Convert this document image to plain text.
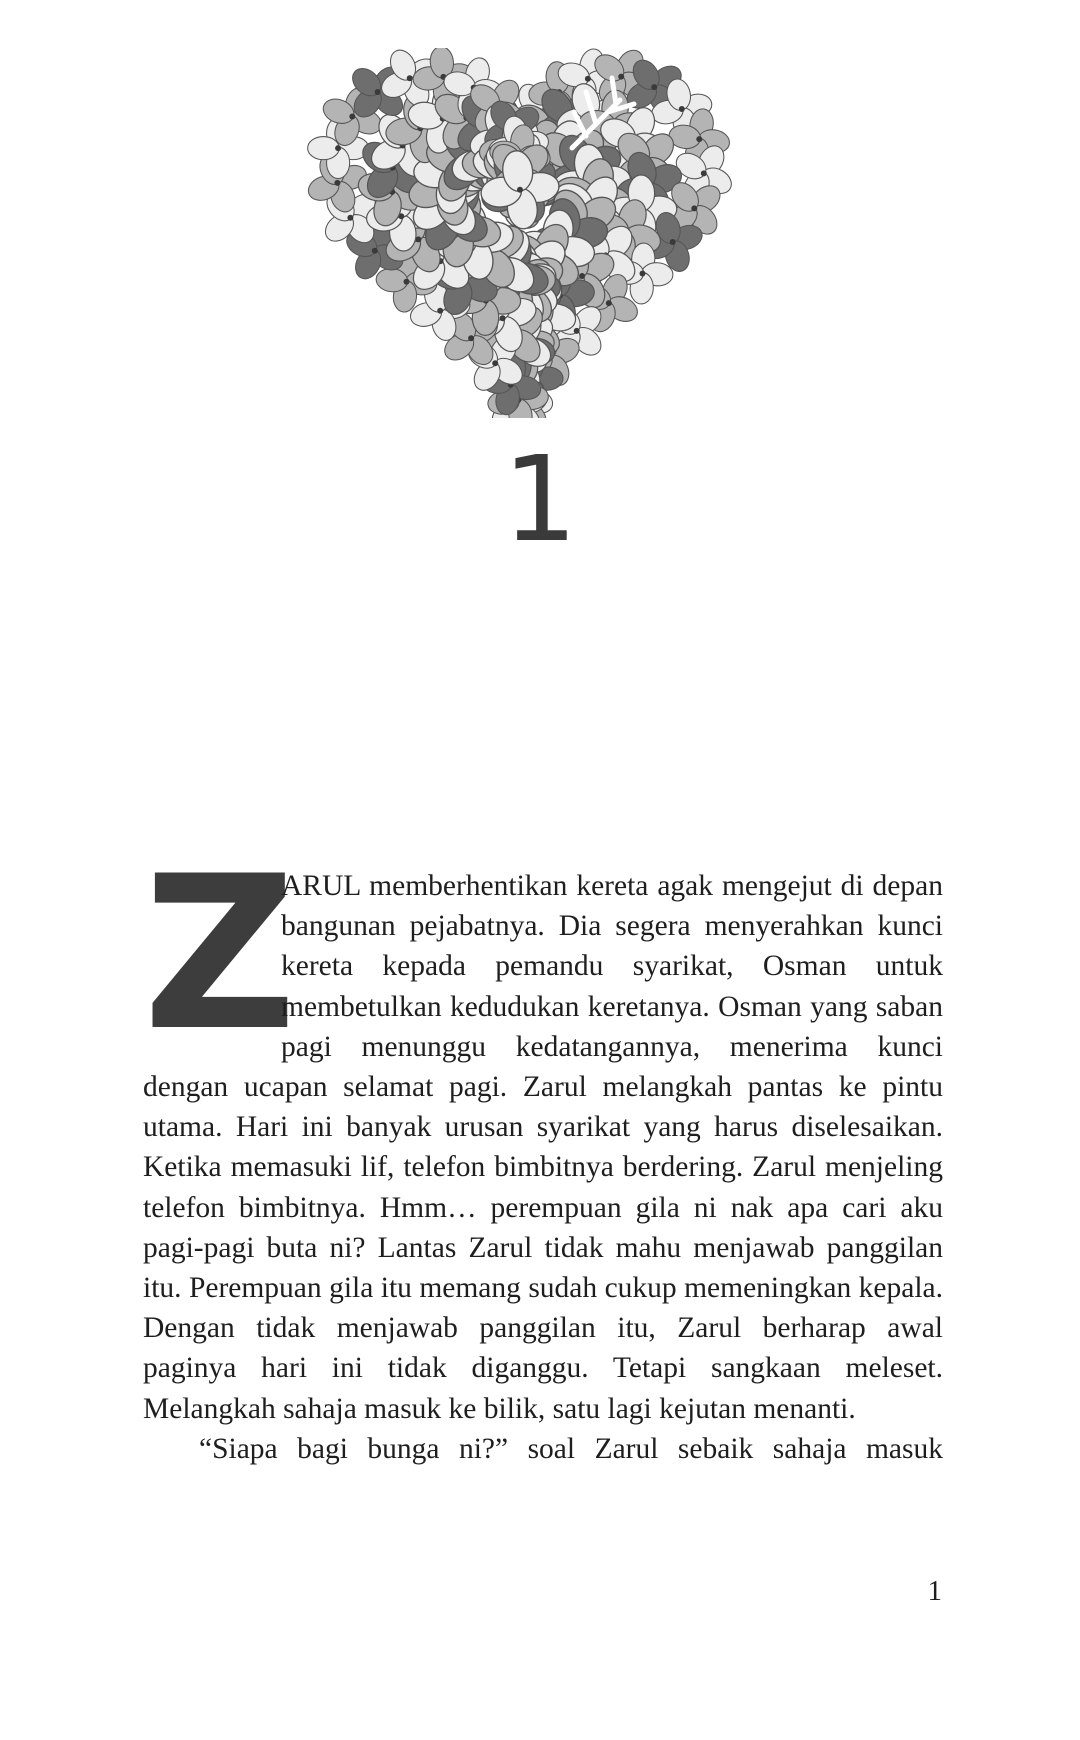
1

Z
ARUL memberhentikan kereta agak mengejut di depan bangunan pejabatnya. Dia segera menyerahkan kunci kereta kepada pemandu syarikat, Osman untuk membetulkan kedudukan keretanya. Osman yang saban pagi menunggu kedatangannya, menerima kunci dengan ucapan selamat pagi. Zarul melangkah pantas ke pintu utama. Hari ini banyak urusan syarikat yang harus diselesaikan. Ketika memasuki lif, telefon bimbitnya berdering. Zarul menjeling telefon bimbitnya. Hmm… perempuan gila ni nak apa cari aku pagi-pagi buta ni? Lantas Zarul tidak mahu menjawab panggilan itu. Perempuan gila itu memang sudah cukup memeningkan kepala. Dengan tidak menjawab panggilan itu, Zarul berharap awal paginya hari ini tidak diganggu. Tetapi sangkaan meleset. Melangkah sahaja masuk ke bilik, satu lagi kejutan menanti.

“Siapa bagi bunga ni?” soal Zarul sebaik sahaja masuk

1
